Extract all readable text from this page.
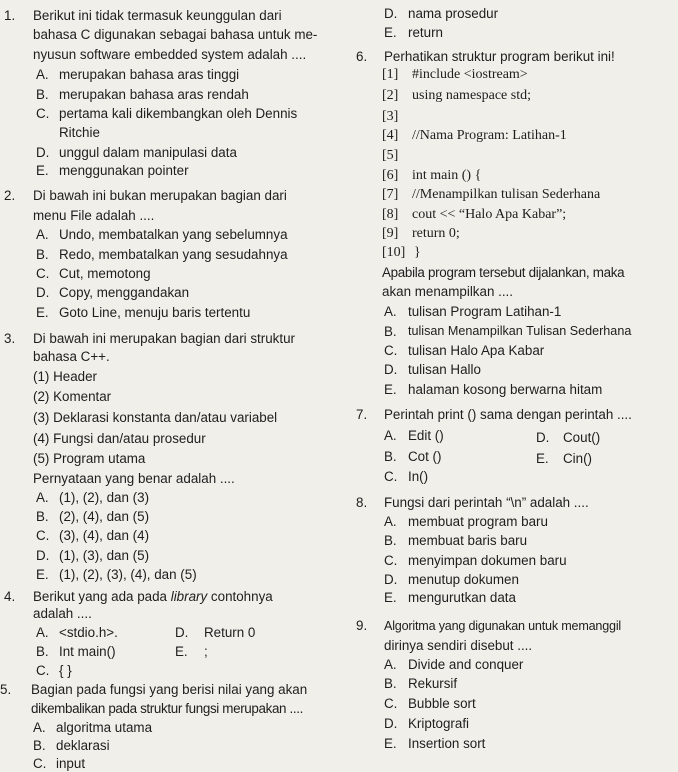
1. Berikut ini tidak termasuk keunggulan dari
bahasa C digunakan sebagai bahasa untuk me-
nyusun software embedded system adalah ....
A. merupakan bahasa aras tinggi
B. merupakan bahasa aras rendah
C. pertama kali dikembangkan oleh Dennis
Ritchie
D. unggul dalam manipulasi data
E. menggunakan pointer
2. Di bawah ini bukan merupakan bagian dari
menu File adalah ....
A. Undo, membatalkan yang sebelumnya
B. Redo, membatalkan yang sesudahnya
C. Cut, memotong
D. Copy, menggandakan
E. Goto Line, menuju baris tertentu
3. Di bawah ini merupakan bagian dari struktur
bahasa C++.
(1) Header
(2) Komentar
(3) Deklarasi konstanta dan/atau variabel
(4) Fungsi dan/atau prosedur
(5) Program utama
Pernyataan yang benar adalah ....
A. (1), (2), dan (3)
B. (2), (4), dan (5)
C. (3), (4), dan (4)
D. (1), (3), dan (5)
E. (1), (2), (3), (4), dan (5)
4. Berikut yang ada pada library contohnya
adalah ....
A. <stdio.h>.	D. Return 0
B. Int main()	E. ;
C. { }
5. Bagian pada fungsi yang berisi nilai yang akan
dikembalikan pada struktur fungsi merupakan ....
A. algoritma utama
B. deklarasi
C. input
D. nama prosedur
E. return
6. Perhatikan struktur program berikut ini!
[1] #include <iostream>
[2] using namespace std;
[3]
[4] //Nama Program: Latihan-1
[5]
[6] int main () {
[7] //Menampilkan tulisan Sederhana
[8] cout << “Halo Apa Kabar”;
[9] return 0;
[10] }
Apabila program tersebut dijalankan, maka
akan menampilkan ....
A. tulisan Program Latihan-1
B. tulisan Menampilkan Tulisan Sederhana
C. tulisan Halo Apa Kabar
D. tulisan Hallo
E. halaman kosong berwarna hitam
7. Perintah print () sama dengan perintah ....
A. Edit ()	D. Cout()
B. Cot ()	E. Cin()
C. In()
8. Fungsi dari perintah “\n” adalah ....
A. membuat program baru
B. membuat baris baru
C. menyimpan dokumen baru
D. menutup dokumen
E. mengurutkan data
9. Algoritma yang digunakan untuk memanggil
dirinya sendiri disebut ....
A. Divide and conquer
B. Rekursif
C. Bubble sort
D. Kriptografi
E. Insertion sort
